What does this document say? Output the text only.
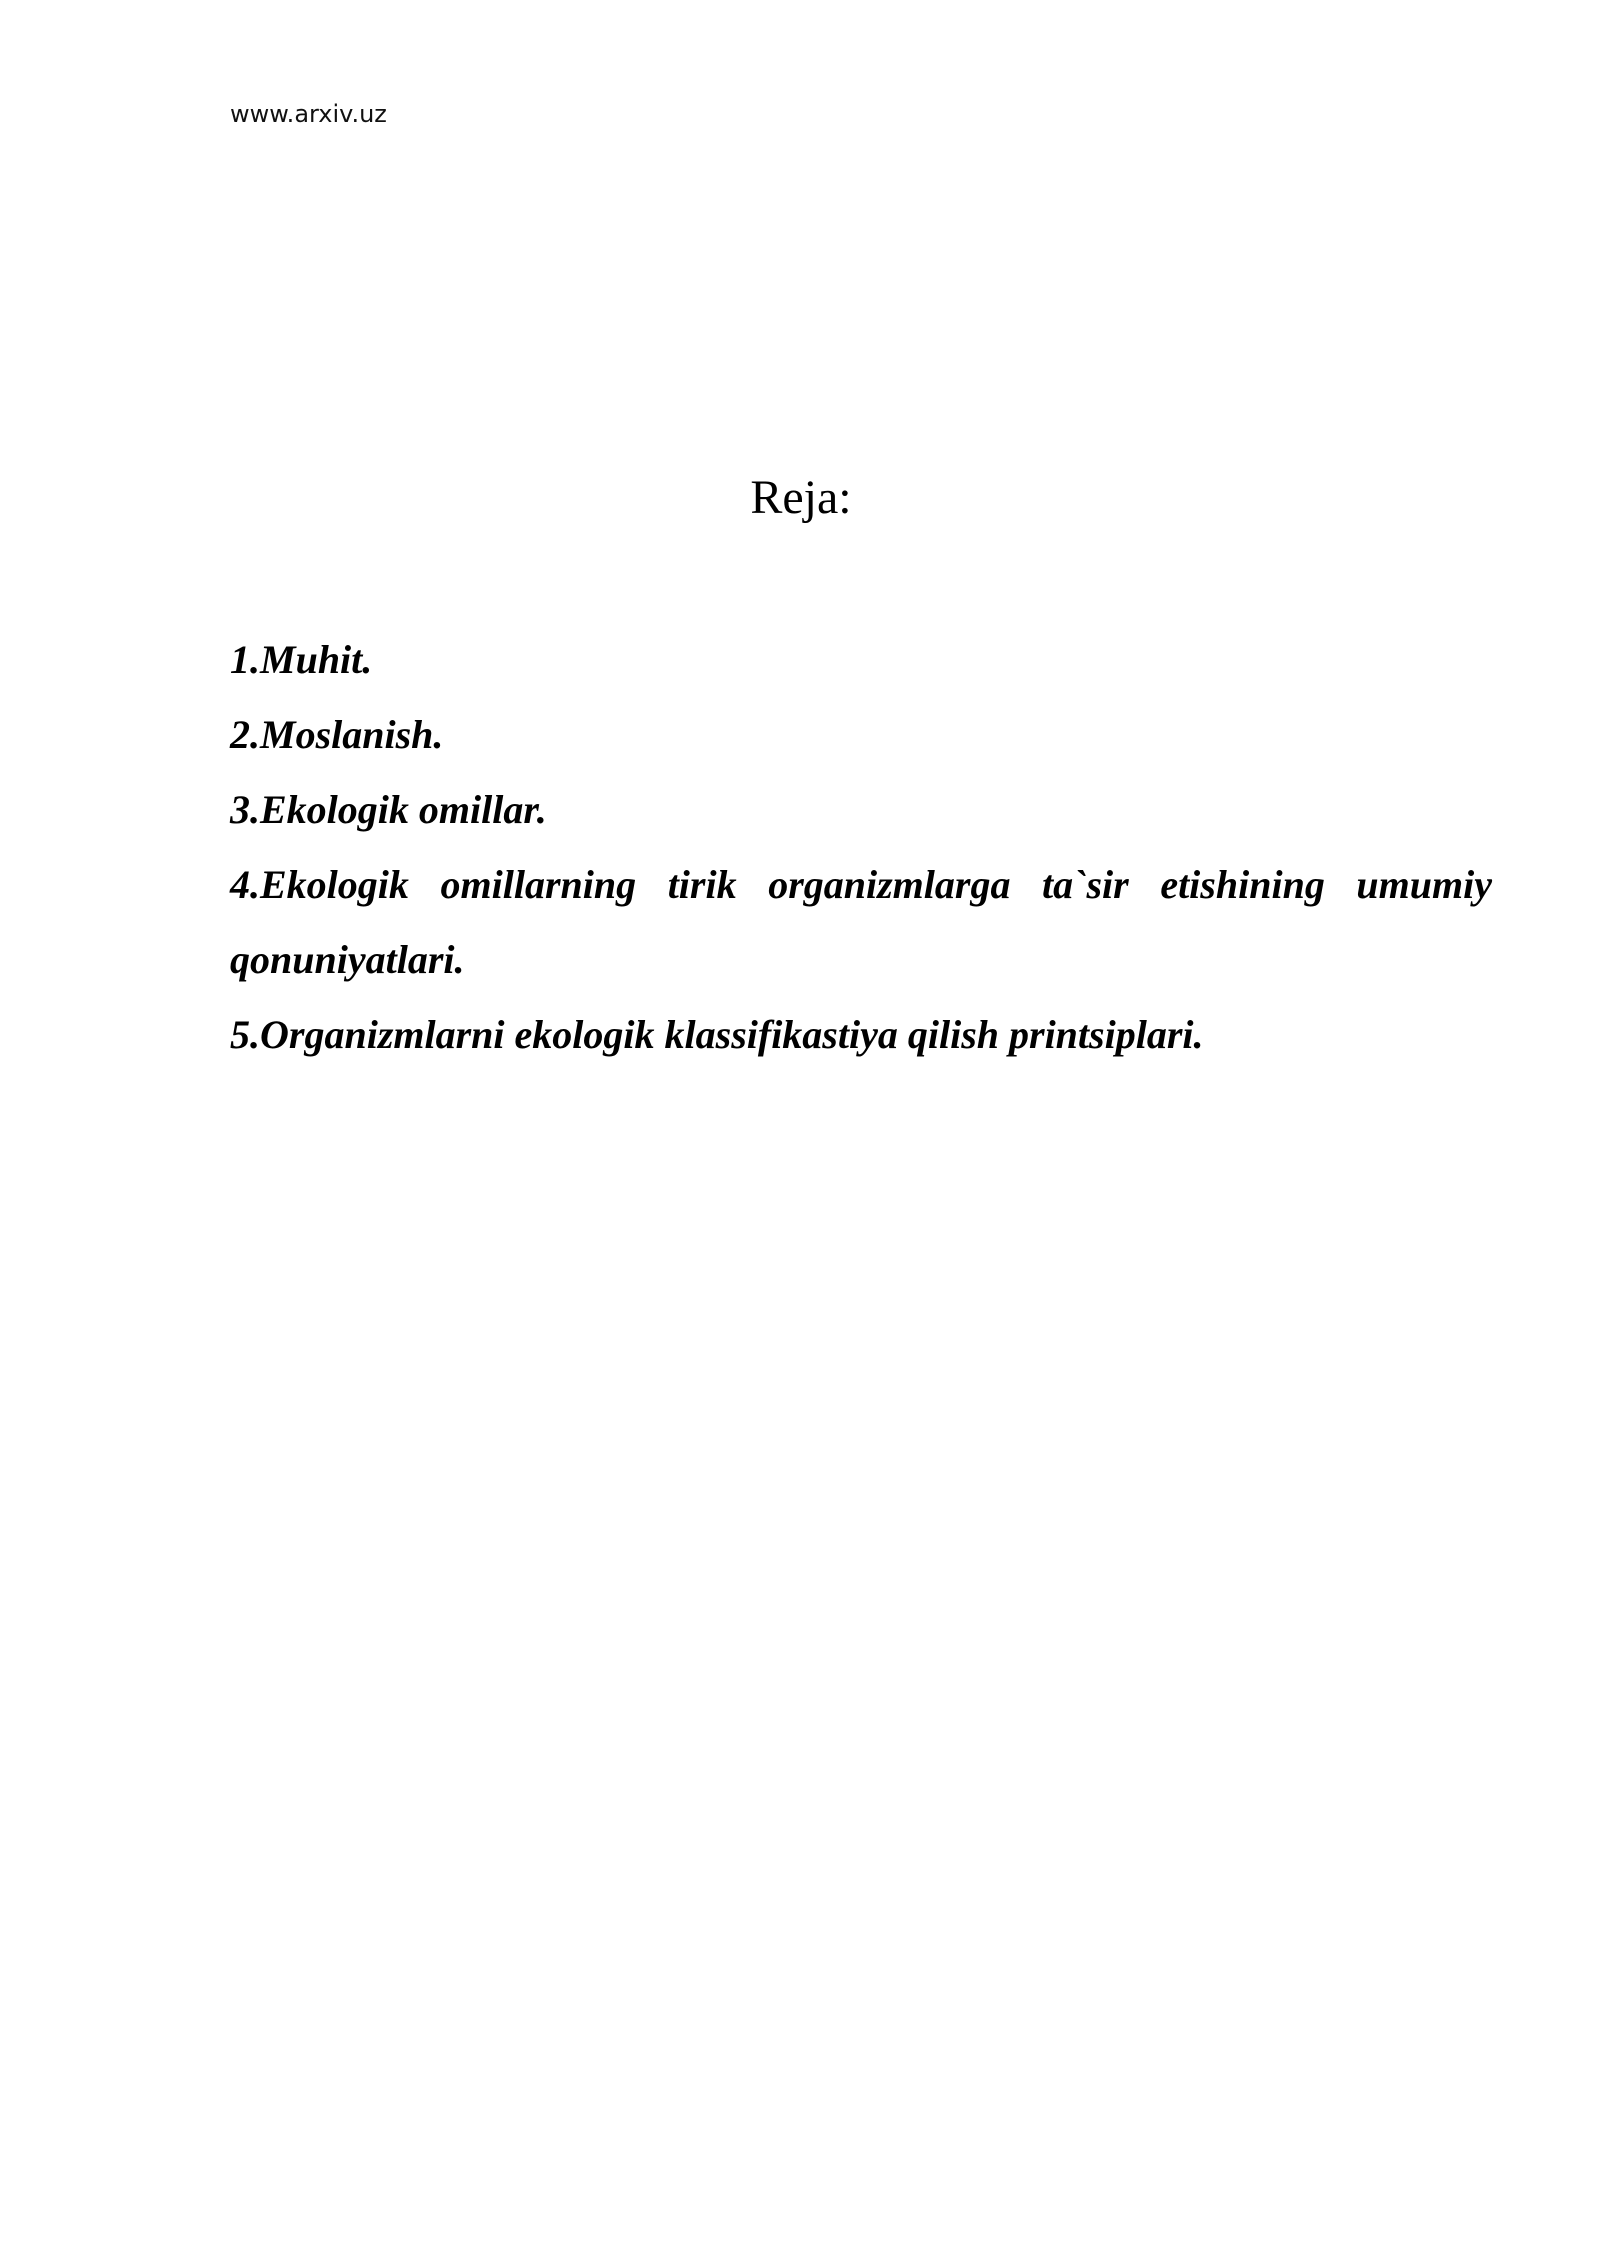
www.arxiv.uz
Reja:
1.Muhit.
2.Moslanish.
3.Ekologik omillar.
4.Ekologik omillarning tirik organizmlarga ta`sir etishining umumiy qonuniyatlari.
5.Organizmlarni ekologik klassifikastiya qilish printsiplari.
